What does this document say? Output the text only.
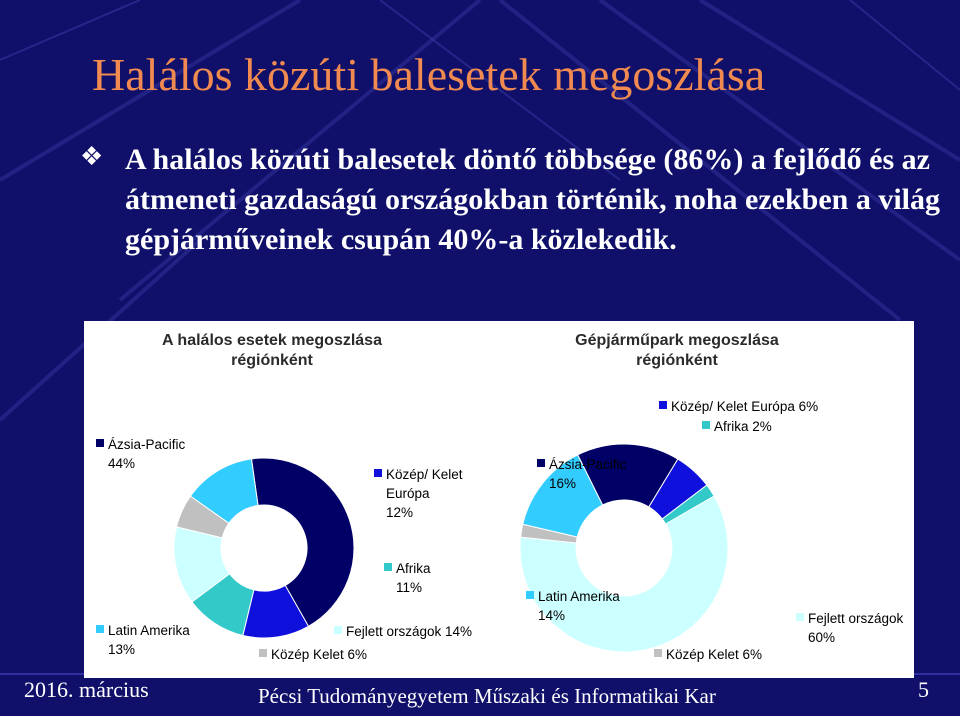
Halálos közúti balesetek megoszlása
❖ A halálos közúti balesetek döntő többsége (86%) a fejlődő és az átmeneti gazdaságú országokban történik, noha ezekben a világ gépjárműveinek csupán 40%-a közlekedik.
A halálos esetek megoszlása
régiónként
Ázsia-Pacific
44%
Közép/ Kelet
Európa
12%
Afrika
11%
Fejlett országok 14%
Közép Kelet 6%
Latin Amerika
13%
Gépjárműpark megoszlása
régiónként
Fejlett országok
60%
Közép Kelet 6%
Latin Amerika
14%
Ázsia-Pacific
16%
Közép/ Kelet Európa 6%
Afrika 2%
2016. március	Pécsi Tudományegyetem Műszaki és Informatikai Kar	5
